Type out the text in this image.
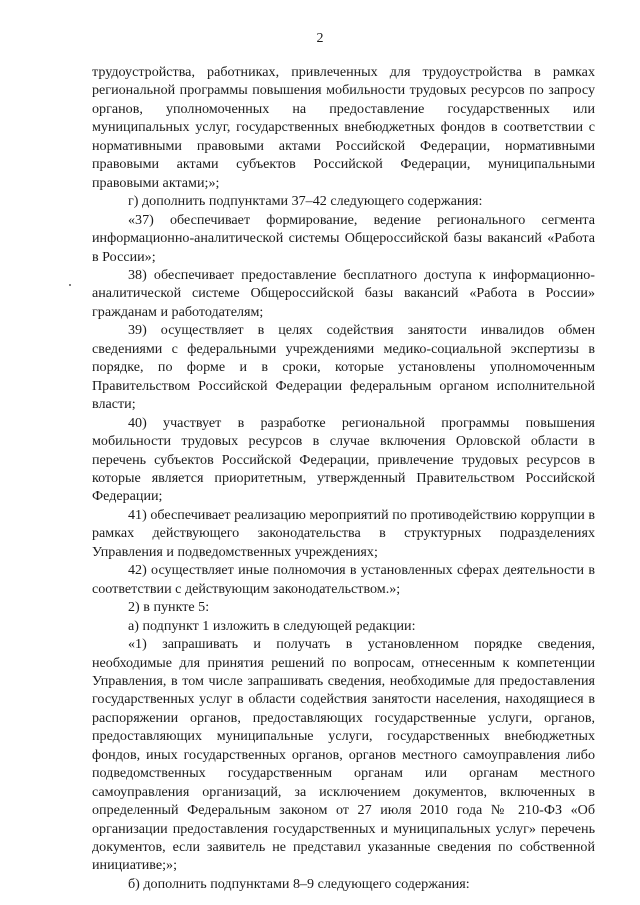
2

трудоустройства, работниках, привлеченных для трудоустройства в рамках региональной программы повышения мобильности трудовых ресурсов по запросу органов, уполномоченных на предоставление государственных или муниципальных услуг, государственных внебюджетных фондов в соответствии с нормативными правовыми актами Российской Федерации, нормативными правовыми актами субъектов Российской Федерации, муниципальными правовыми актами;»;

г) дополнить подпунктами 37–42 следующего содержания:

«37) обеспечивает формирование, ведение регионального сегмента информационно-аналитической системы Общероссийской базы вакансий «Работа в России»;

38) обеспечивает предоставление бесплатного доступа к информационно-аналитической системе Общероссийской базы вакансий «Работа в России» гражданам и работодателям;

39) осуществляет в целях содействия занятости инвалидов обмен сведениями с федеральными учреждениями медико-социальной экспертизы в порядке, по форме и в сроки, которые установлены уполномоченным Правительством Российской Федерации федеральным органом исполнительной власти;

40) участвует в разработке региональной программы повышения мобильности трудовых ресурсов в случае включения Орловской области в перечень субъектов Российской Федерации, привлечение трудовых ресурсов в которые является приоритетным, утвержденный Правительством Российской Федерации;

41) обеспечивает реализацию мероприятий по противодействию коррупции в рамках действующего законодательства в структурных подразделениях Управления и подведомственных учреждениях;

42) осуществляет иные полномочия в установленных сферах деятельности в соответствии с действующим законодательством.»;

2) в пункте 5:

а) подпункт 1 изложить в следующей редакции:

«1) запрашивать и получать в установленном порядке сведения, необходимые для принятия решений по вопросам, отнесенным к компетенции Управления, в том числе запрашивать сведения, необходимые для предоставления государственных услуг в области содействия занятости населения, находящиеся в распоряжении органов, предоставляющих государственные услуги, органов, предоставляющих муниципальные услуги, государственных внебюджетных фондов, иных государственных органов, органов местного самоуправления либо подведомственных государственным органам или органам местного самоуправления организаций, за исключением документов, включенных в определенный Федеральным законом от 27 июля 2010 года № 210-ФЗ «Об организации предоставления государственных и муниципальных услуг» перечень документов, если заявитель не представил указанные сведения по собственной инициативе;»;

б) дополнить подпунктами 8–9 следующего содержания:
